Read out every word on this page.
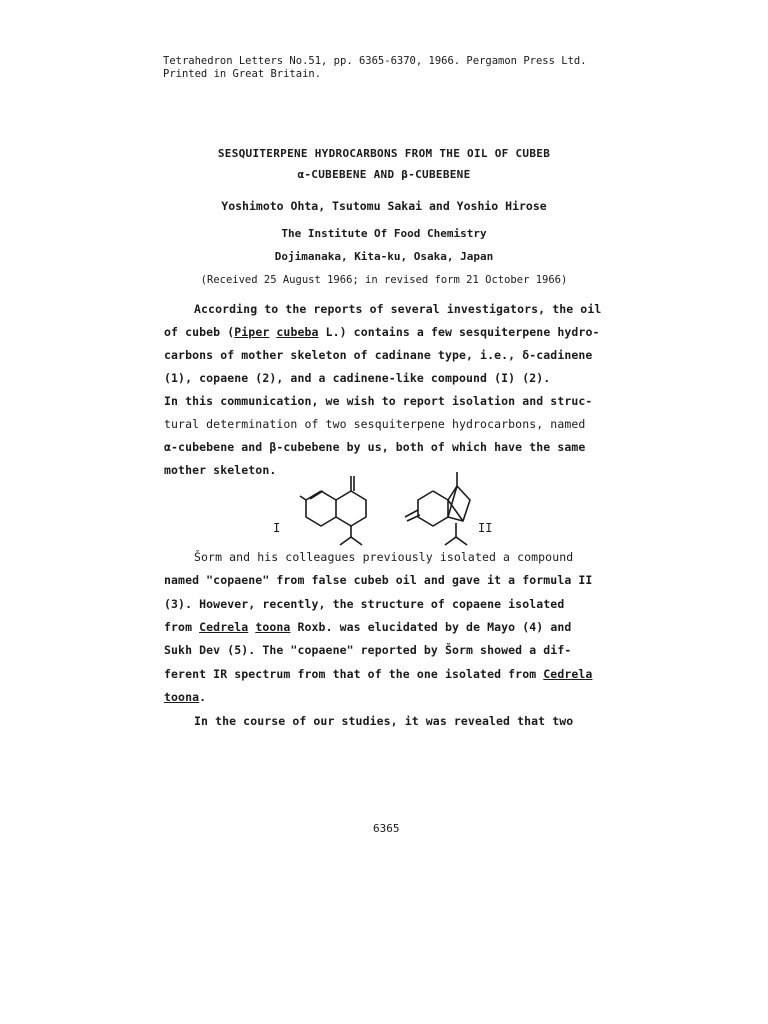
Tetrahedron Letters No.51, pp. 6365-6370, 1966. Pergamon Press Ltd.
Printed in Great Britain.
SESQUITERPENE HYDROCARBONS FROM THE OIL OF CUBEB
α-CUBEBENE AND β-CUBEBENE
Yoshimoto Ohta, Tsutomu Sakai and Yoshio Hirose
The Institute Of Food Chemistry
Dojimanaka, Kita-ku, Osaka, Japan
(Received 25 August 1966; in revised form 21 October 1966)
According to the reports of several investigators, the oil
of cubeb (Piper cubeba L.) contains a few sesquiterpene hydro-
carbons of mother skeleton of cadinane type, i.e., δ-cadinene
(1), copaene (2), and a cadinene-like compound (I) (2).
In this communication, we wish to report isolation and struc-
tural determination of two sesquiterpene hydrocarbons, named
α-cubebene and β-cubebene by us, both of which have the same
mother skeleton.
I	II
Šorm and his colleagues previously isolated a compound
named "copaene" from false cubeb oil and gave it a formula II
(3). However, recently, the structure of copaene isolated
from Cedrela toona Roxb. was elucidated by de Mayo (4) and
Sukh Dev (5). The "copaene" reported by Šorm showed a dif-
ferent IR spectrum from that of the one isolated from Cedrela
toona.
In the course of our studies, it was revealed that two
6365
